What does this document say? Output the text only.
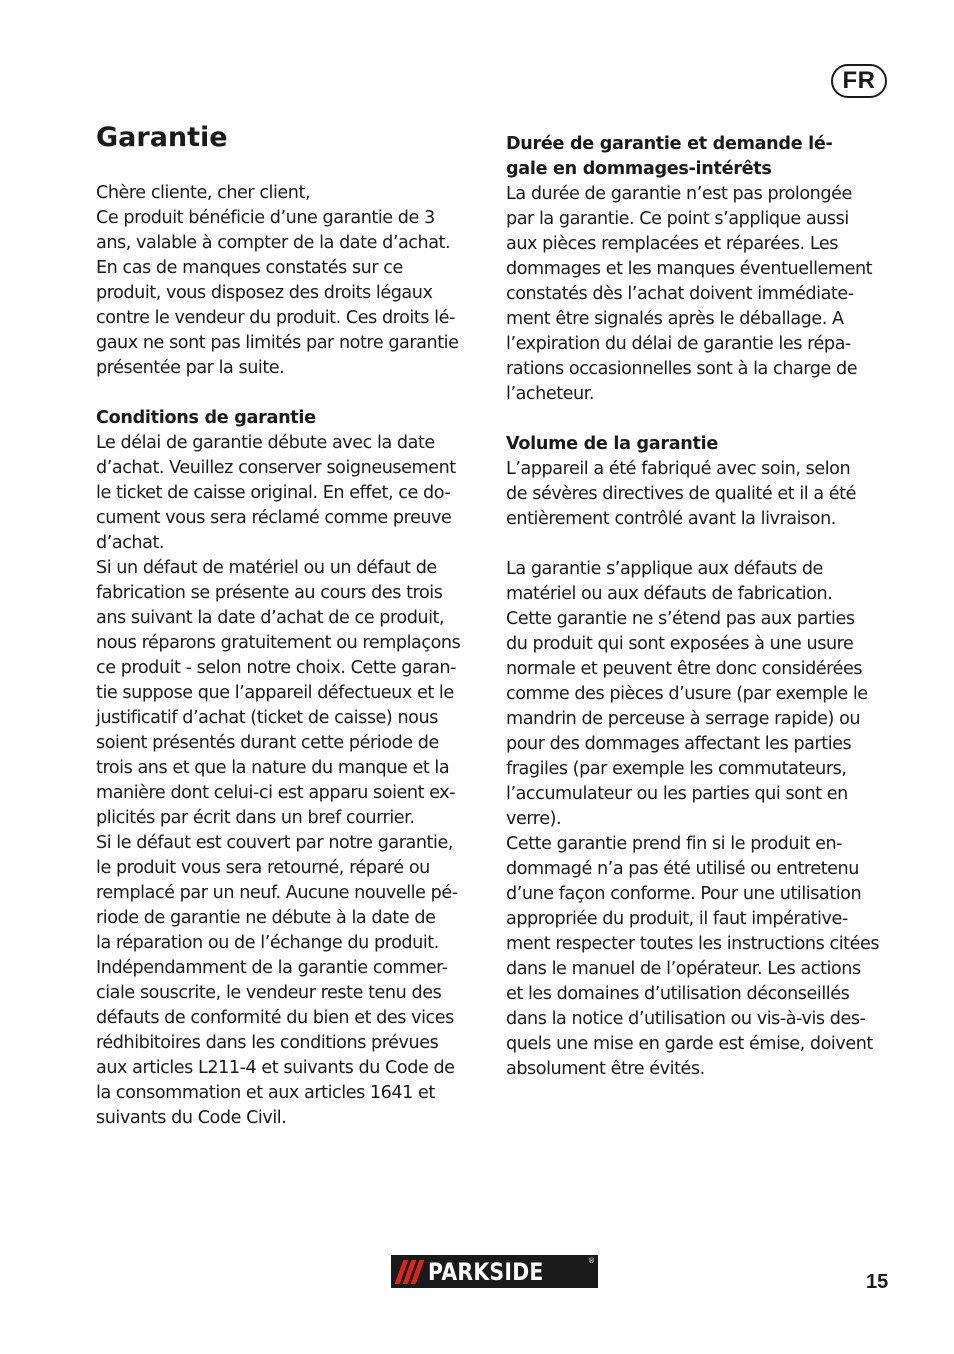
FR
Garantie

Chère cliente, cher client,
Ce produit bénéficie d’une garantie de 3
ans, valable à compter de la date d’achat.
En cas de manques constatés sur ce
produit, vous disposez des droits légaux
contre le vendeur du produit. Ces droits lé-
gaux ne sont pas limités par notre garantie
présentée par la suite.

Conditions de garantie

Le délai de garantie débute avec la date
d’achat. Veuillez conserver soigneusement
le ticket de caisse original. En effet, ce do-
cument vous sera réclamé comme preuve
d’achat.

Si un défaut de matériel ou un défaut de
fabrication se présente au cours des trois
ans suivant la date d’achat de ce produit,
nous réparons gratuitement ou remplaçons
ce produit - selon notre choix. Cette garan-
tie suppose que l’appareil défectueux et le
justificatif d’achat (ticket de caisse) nous
soient présentés durant cette période de
trois ans et que la nature du manque et la
manière dont celui-ci est apparu soient ex-
plicités par écrit dans un bref courrier.

Si le défaut est couvert par notre garantie,
le produit vous sera retourné, réparé ou
remplacé par un neuf. Aucune nouvelle pé-
riode de garantie ne débute à la date de
la réparation ou de l’échange du produit.

Indépendamment de la garantie commer-
ciale souscrite, le vendeur reste tenu des
défauts de conformité du bien et des vices
rédhibitoires dans les conditions prévues
aux articles L211-4 et suivants du Code de
la consommation et aux articles 1641 et
suivants du Code Civil.

Durée de garantie et demande lé-
gale en dommages-intérêts

La durée de garantie n’est pas prolongée
par la garantie. Ce point s’applique aussi
aux pièces remplacées et réparées. Les
dommages et les manques éventuellement
constatés dès l’achat doivent immédiate-
ment être signalés après le déballage. A
l’expiration du délai de garantie les répa-
rations occasionnelles sont à la charge de
l’acheteur.

Volume de la garantie

L’appareil a été fabriqué avec soin, selon
de sévères directives de qualité et il a été
entièrement contrôlé avant la livraison.

La garantie s’applique aux défauts de
matériel ou aux défauts de fabrication.

Cette garantie ne s’étend pas aux parties
du produit qui sont exposées à une usure
normale et peuvent être donc considérées
comme des pièces d’usure (par exemple le
mandrin de perceuse à serrage rapide) ou
pour des dommages affectant les parties
fragiles (par exemple les commutateurs,
l’accumulateur ou les parties qui sont en
verre).

Cette garantie prend fin si le produit en-
dommagé n’a pas été utilisé ou entretenu
d’une façon conforme. Pour une utilisation
appropriée du produit, il faut impérative-
ment respecter toutes les instructions citées
dans le manuel de l’opérateur. Les actions
et les domaines d’utilisation déconseillés
dans la notice d’utilisation ou vis-à-vis des-
quels une mise en garde est émise, doivent
absolument être évités.

PARKSIDE	®
15
